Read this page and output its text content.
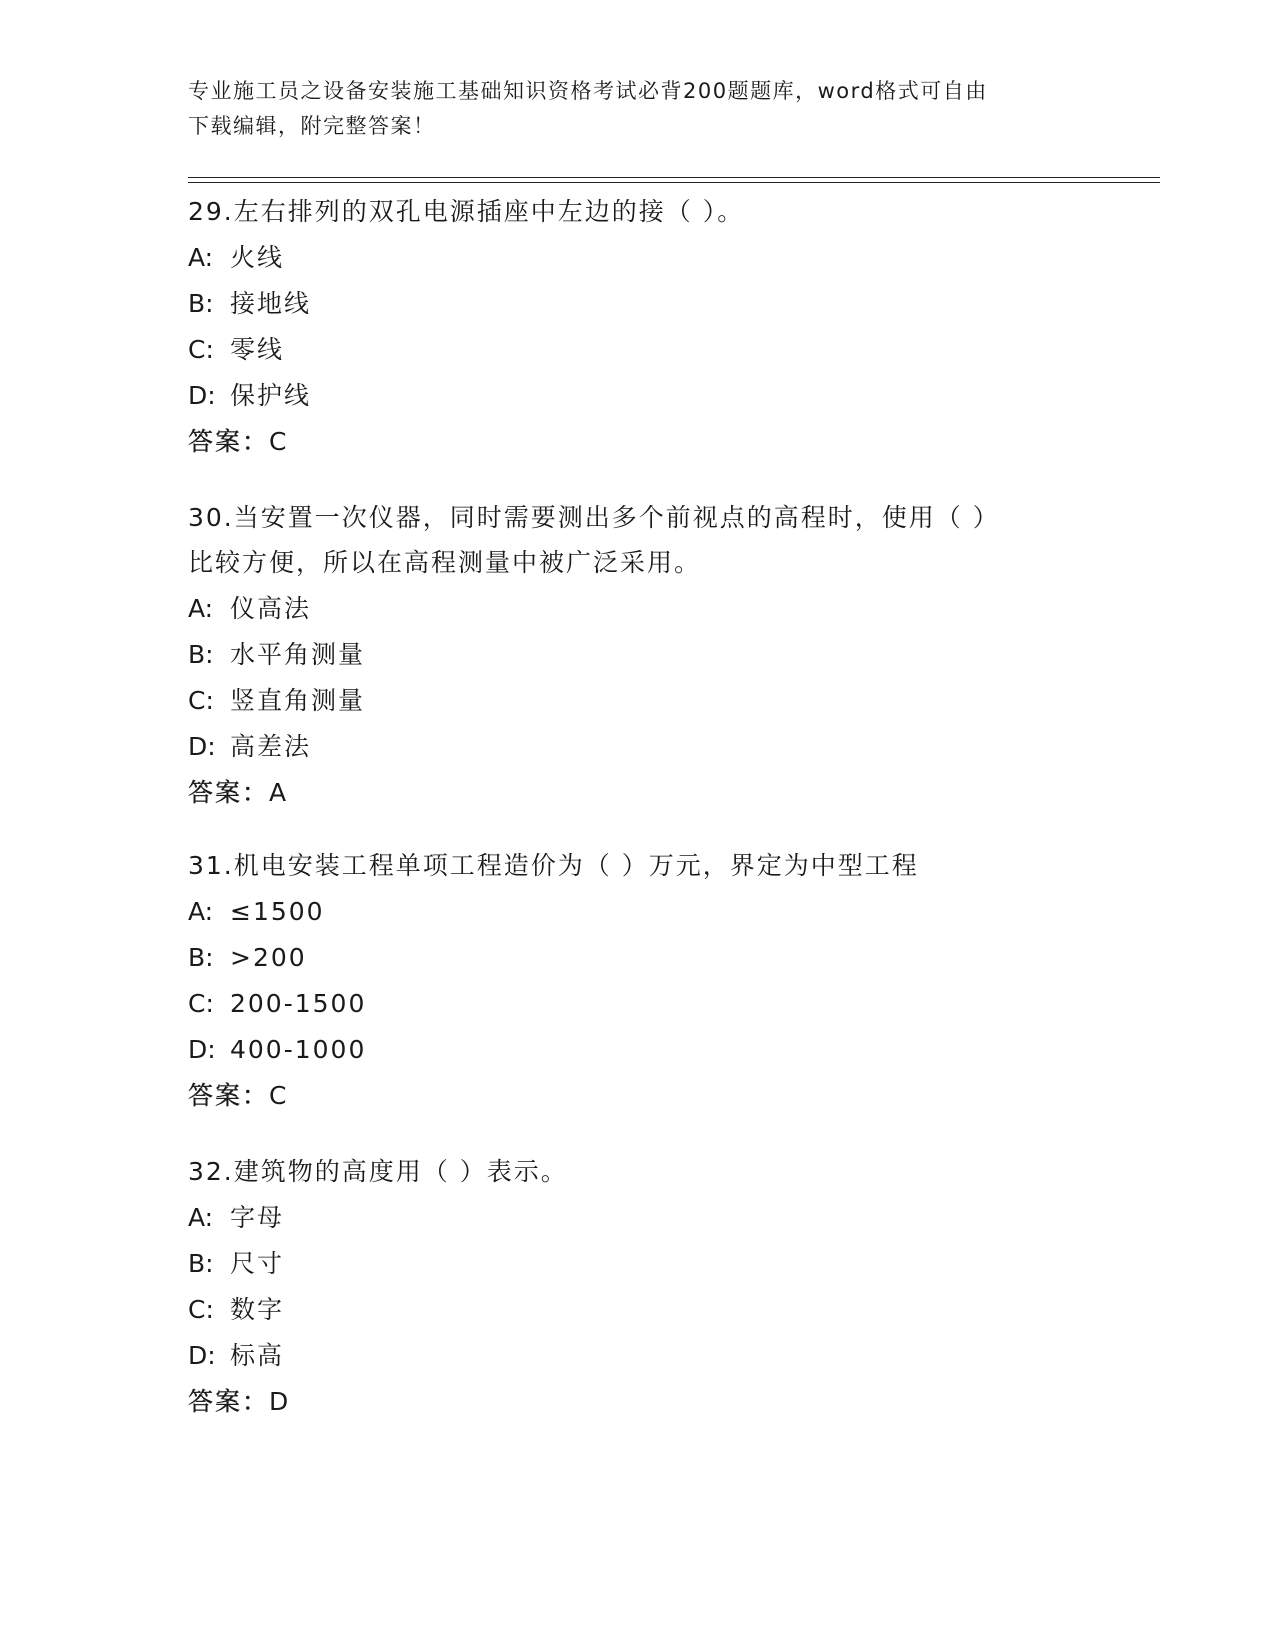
专业施工员之设备安装施工基础知识资格考试必背200题题库，word格式可自由
下载编辑，附完整答案！
29.左右排列的双孔电源插座中左边的接（ ）。
A: 火线
B: 接地线
C: 零线
D: 保护线
答案： C
30.当安置一次仪器，同时需要测出多个前视点的高程时，使用（ ）
比较方便，所以在高程测量中被广泛采用。
A: 仪高法
B: 水平角测量
C: 竖直角测量
D: 高差法
答案： A
31.机电安装工程单项工程造价为（ ）万元，界定为中型工程
A: ≤1500
B: >200
C: 200-1500
D: 400-1000
答案： C
32.建筑物的高度用（ ）表示。
A: 字母
B: 尺寸
C: 数字
D: 标高
答案： D
